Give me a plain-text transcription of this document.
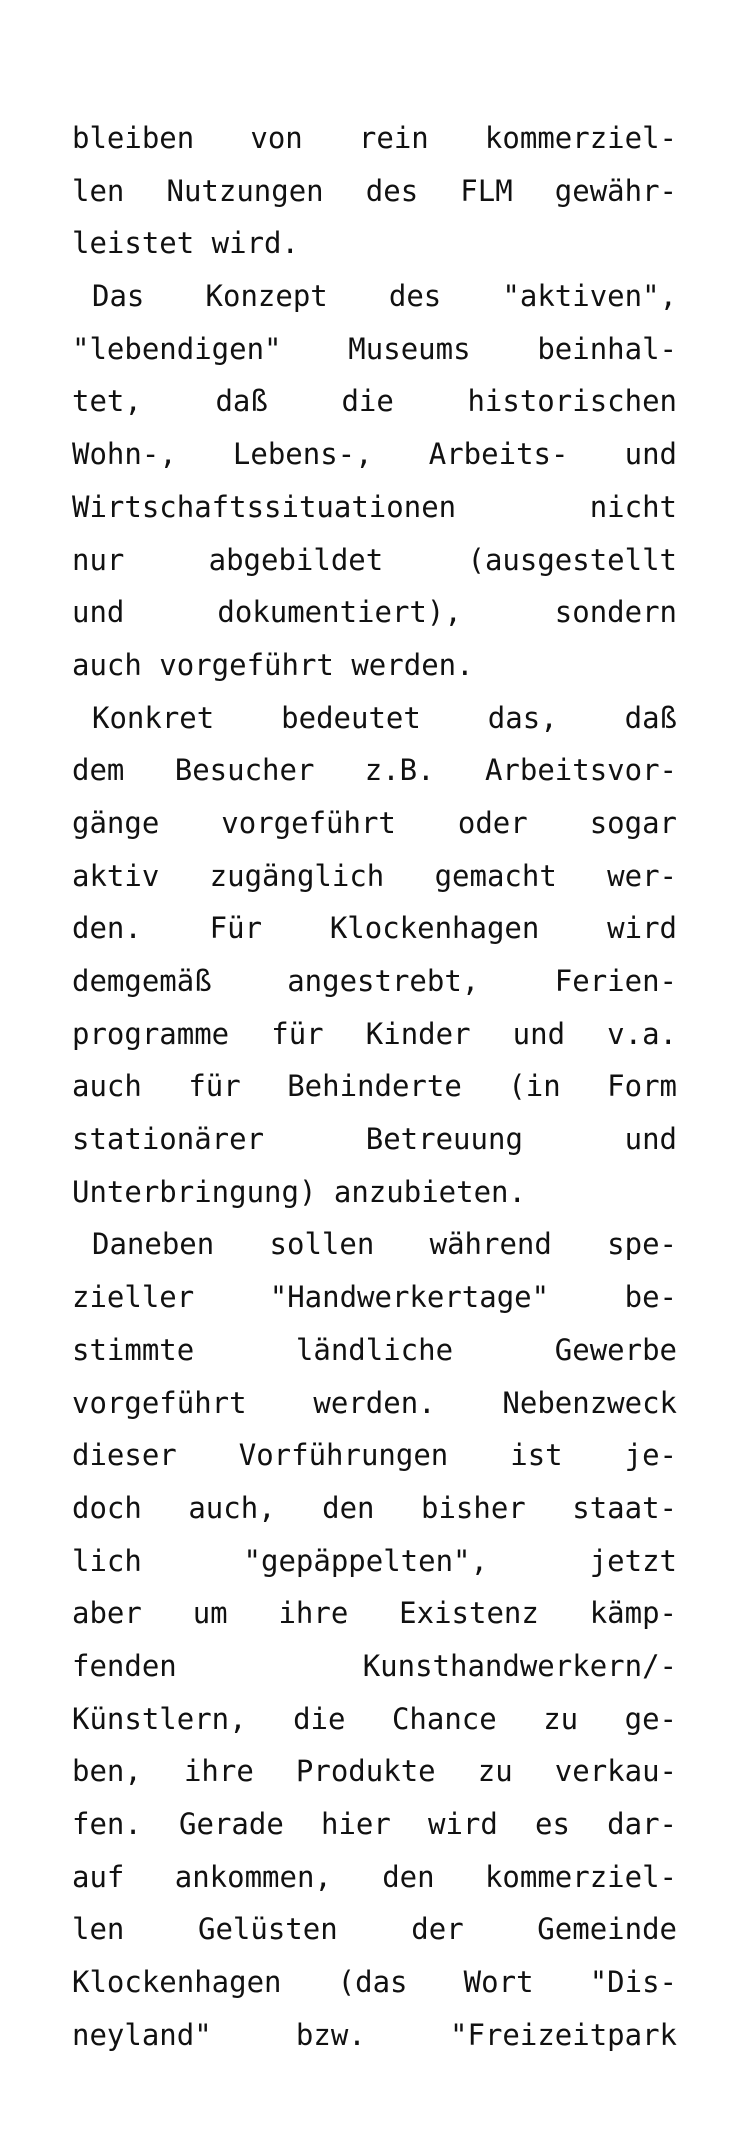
bleiben von rein kommerziel-
len Nutzungen des FLM gewähr-
leistet wird.
Das Konzept des "aktiven",
"lebendigen" Museums beinhal-
tet, daß die historischen
Wohn-, Lebens-, Arbeits- und
Wirtschaftssituationen nicht
nur abgebildet (ausgestellt
und dokumentiert), sondern
auch vorgeführt werden.
Konkret bedeutet das, daß
dem Besucher z.B. Arbeitsvor-
gänge vorgeführt oder sogar
aktiv zugänglich gemacht wer-
den. Für Klockenhagen wird
demgemäß angestrebt, Ferien-
programme für Kinder und v.a.
auch für Behinderte (in Form
stationärer Betreuung und
Unterbringung) anzubieten.
Daneben sollen während spe-
zieller "Handwerkertage" be-
stimmte ländliche Gewerbe
vorgeführt werden. Nebenzweck
dieser Vorführungen ist je-
doch auch, den bisher staat-
lich "gepäppelten", jetzt
aber um ihre Existenz kämp-
fenden Kunsthandwerkern/-
Künstlern, die Chance zu ge-
ben, ihre Produkte zu verkau-
fen. Gerade hier wird es dar-
auf ankommen, den kommerziel-
len Gelüsten der Gemeinde
Klockenhagen (das Wort "Dis-
neyland" bzw. "Freizeitpark
